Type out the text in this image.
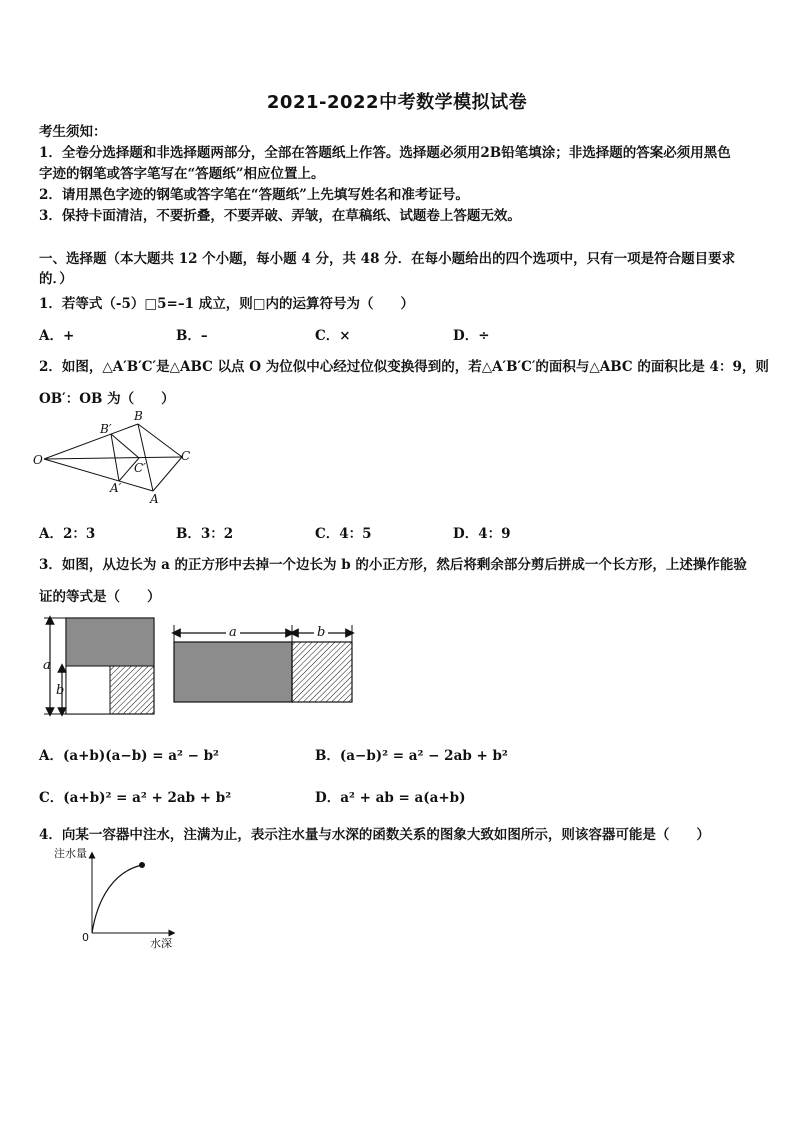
2021-2022中考数学模拟试卷
考生须知：
1．全卷分选择题和非选择题两部分，全部在答题纸上作答。选择题必须用2B铅笔填涂；非选择题的答案必须用黑色
字迹的钢笔或答字笔写在“答题纸”相应位置上。
2．请用黑色字迹的钢笔或答字笔在“答题纸”上先填写姓名和准考证号。
3．保持卡面清洁，不要折叠，不要弄破、弄皱，在草稿纸、试题卷上答题无效。
一、选择题（本大题共 12 个小题，每小题 4 分，共 48 分．在每小题给出的四个选项中，只有一项是符合题目要求
的．）
1．若等式（-5）□5=–1 成立，则□内的运算符号为（　　）
A．+	B．–	C．×	D．÷
2．如图，△A′B′C′是△ABC 以点 O 为位似中心经过位似变换得到的，若△A′B′C′的面积与△ABC 的面积比是 4：9，则
OB′：OB 为（　　）
O
B′
B
C
C′
A′
A
A．2：3	B．3：2	C．4：5	D．4：9
3．如图，从边长为 a 的正方形中去掉一个边长为 b 的小正方形，然后将剩余部分剪后拼成一个长方形，上述操作能验
证的等式是（　　）
a
b
a	b
A．(a+b)(a−b) = a² − b²	B．(a−b)² = a² − 2ab + b²
C．(a+b)² = a² + 2ab + b²	D．a² + ab = a(a+b)
4．向某一容器中注水，注满为止，表示注水量与水深的函数关系的图象大致如图所示，则该容器可能是（　　）
注水量
水深
0
